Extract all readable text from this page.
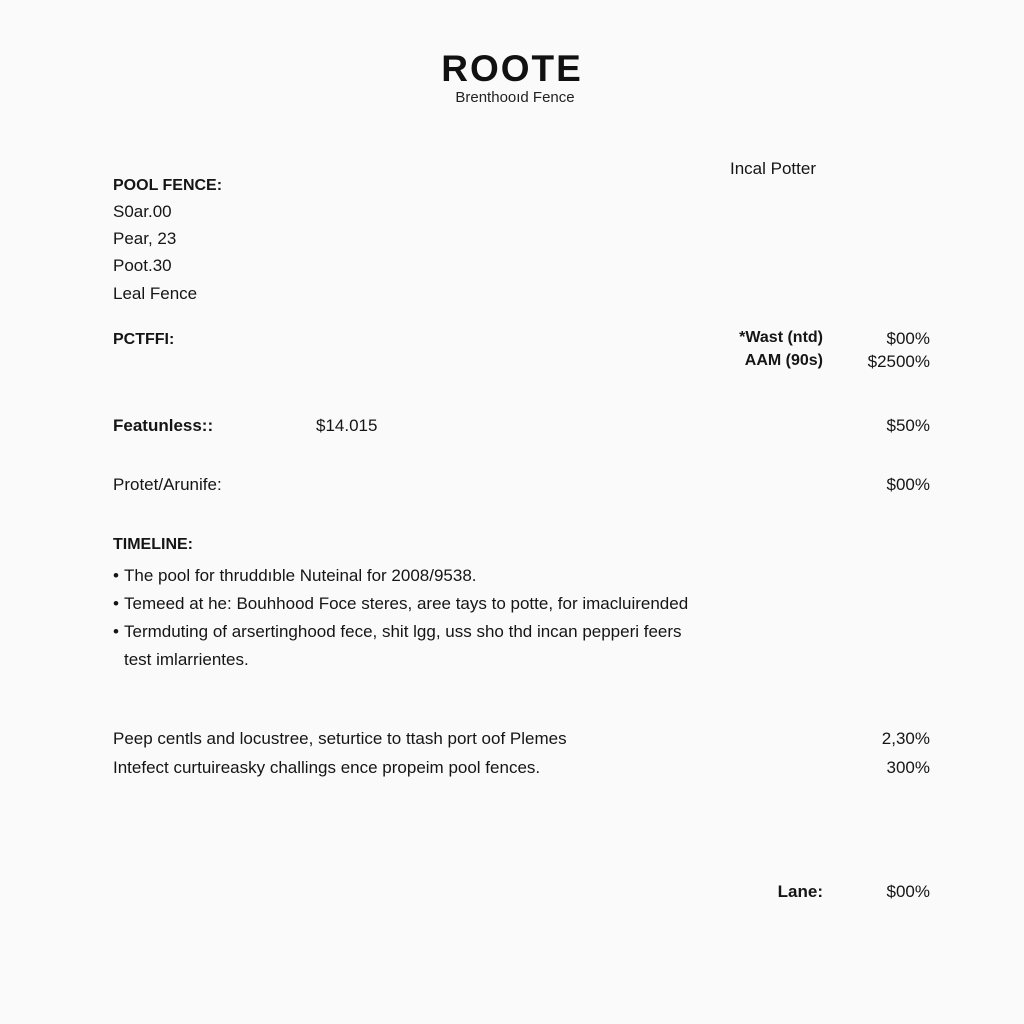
ROOTE
Brenthooıd Fence
Incal Potter
POOL FENCE:
S0ar.00
Pear, 23
Poot.30
Leal Fence
PCTFFI:	*Wast (ntd)	$00%
AAM (90s)	$2500%
Featunless::	$14.015	$50%
Protet/Arunife:	$00%
TIMELINE:
• The pool for thruddıble Nuteinal for 2008/9538.
• Temeed at he: Bouhhood Foce steres, aree tays to potte, for imacluirended
• Termduting of arsertinghood fece, shit lgg, uss sho thd incan pepperi feers
test imlarrientes.
Peep centls and locustree, seturtice to ttash port oof Plemes	2,30%
Intefect curtuireasky challings ence propeim pool fences.	300%
Lane:	$00%
